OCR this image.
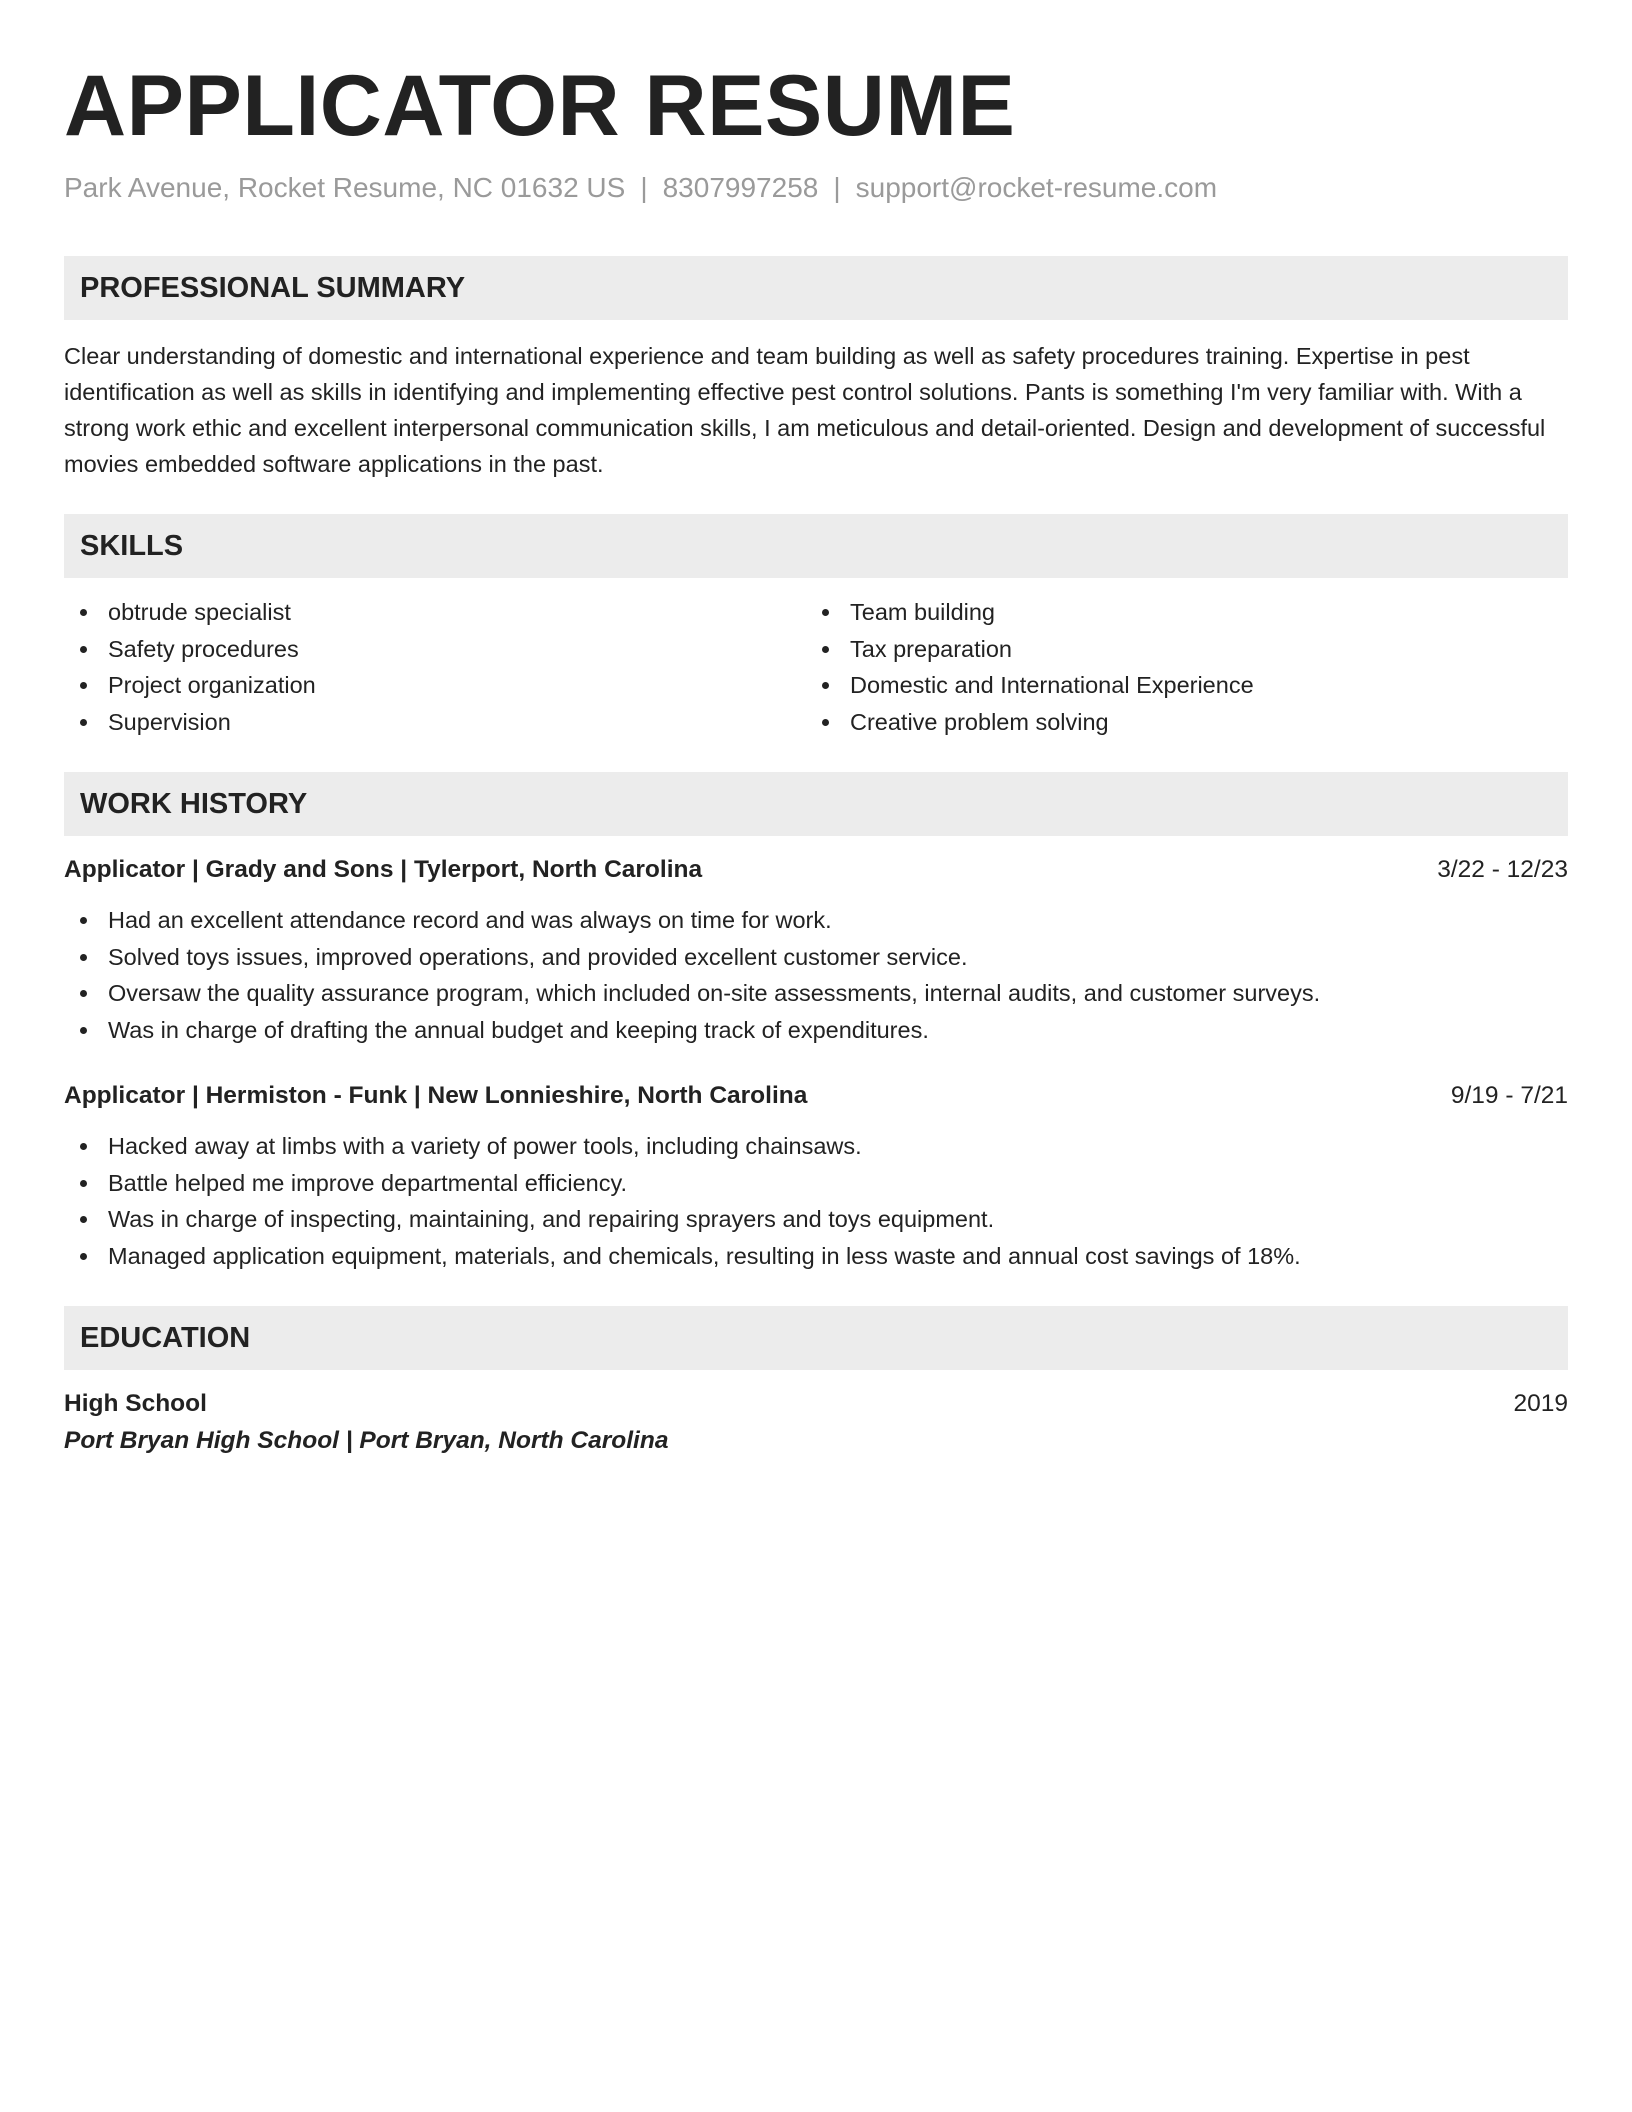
APPLICATOR RESUME
Park Avenue, Rocket Resume, NC 01632 US | 8307997258 | support@rocket-resume.com
PROFESSIONAL SUMMARY
Clear understanding of domestic and international experience and team building as well as safety procedures training. Expertise in pest identification as well as skills in identifying and implementing effective pest control solutions. Pants is something I'm very familiar with. With a strong work ethic and excellent interpersonal communication skills, I am meticulous and detail-oriented. Design and development of successful movies embedded software applications in the past.
SKILLS
obtrude specialist
Safety procedures
Project organization
Supervision
Team building
Tax preparation
Domestic and International Experience
Creative problem solving
WORK HISTORY
Applicator | Grady and Sons | Tylerport, North Carolina	3/22 - 12/23
Had an excellent attendance record and was always on time for work.
Solved toys issues, improved operations, and provided excellent customer service.
Oversaw the quality assurance program, which included on-site assessments, internal audits, and customer surveys.
Was in charge of drafting the annual budget and keeping track of expenditures.
Applicator | Hermiston - Funk | New Lonnieshire, North Carolina	9/19 - 7/21
Hacked away at limbs with a variety of power tools, including chainsaws.
Battle helped me improve departmental efficiency.
Was in charge of inspecting, maintaining, and repairing sprayers and toys equipment.
Managed application equipment, materials, and chemicals, resulting in less waste and annual cost savings of 18%.
EDUCATION
High School	2019
Port Bryan High School | Port Bryan, North Carolina
